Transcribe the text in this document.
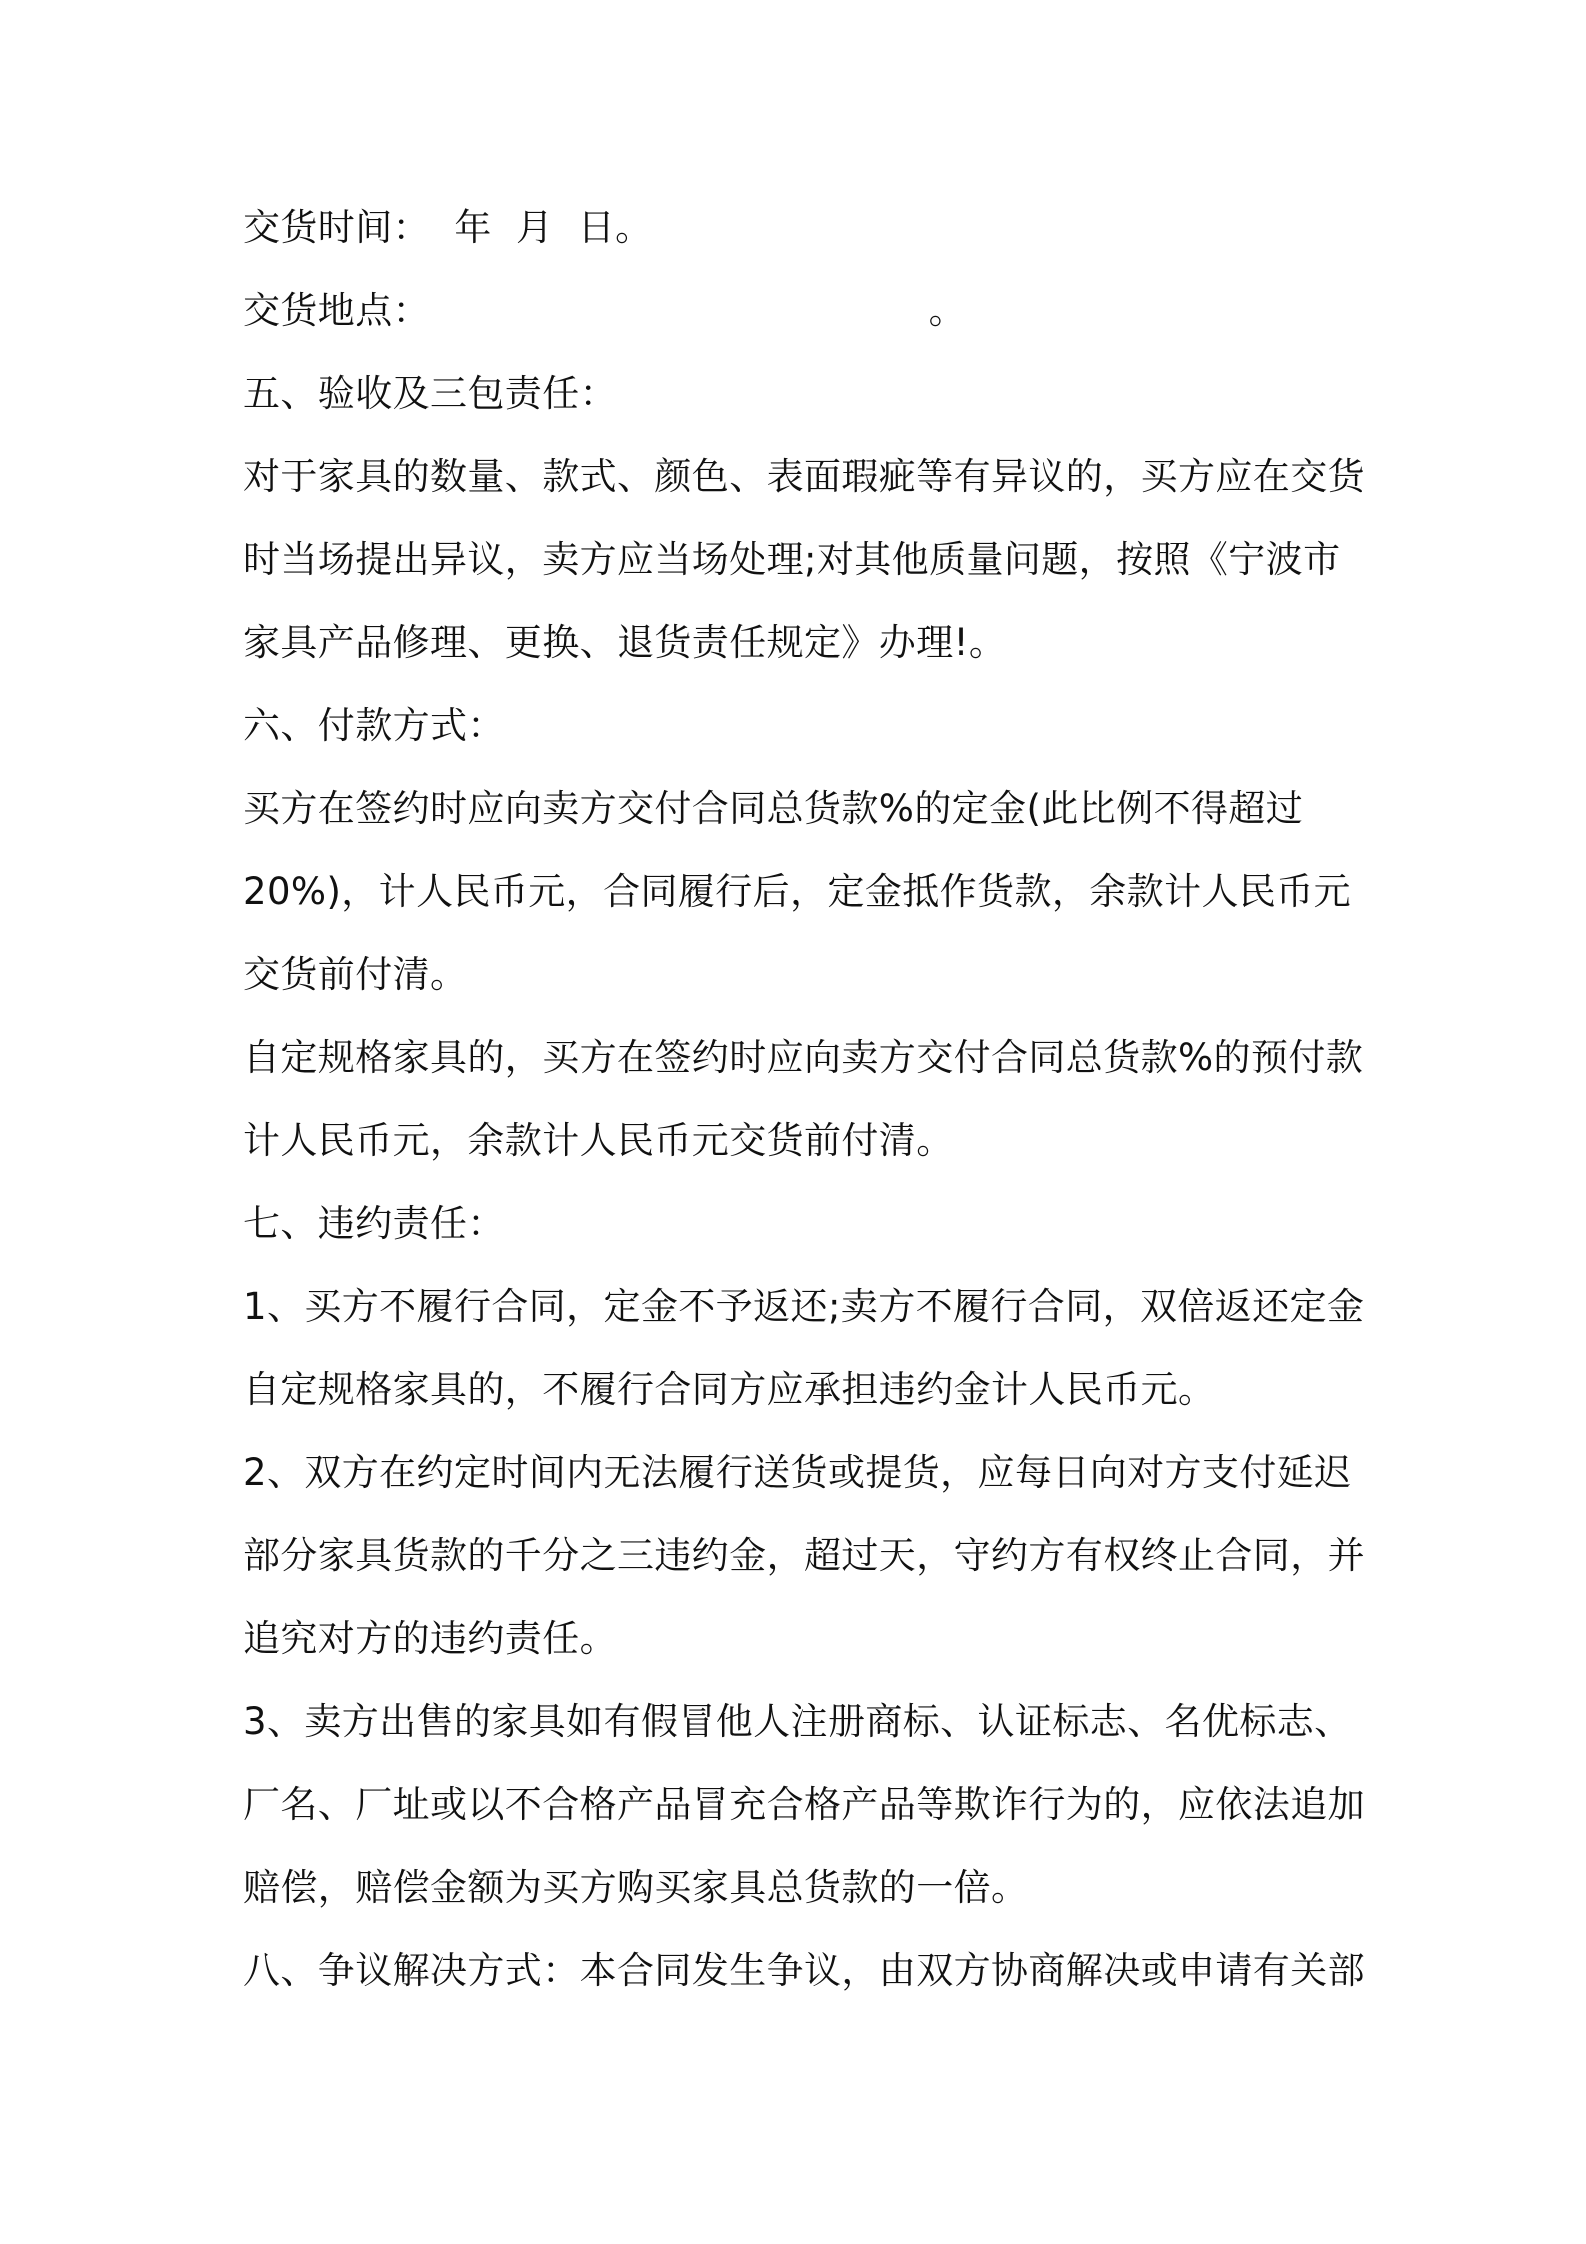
交货时间：  年  月  日。
交货地点：                                         。
五、验收及三包责任：
对于家具的数量、款式、颜色、表面瑕疵等有异议的，买方应在交货
时当场提出异议，卖方应当场处理;对其他质量问题，按照《宁波市
家具产品修理、更换、退货责任规定》办理!。
六、付款方式：
买方在签约时应向卖方交付合同总货款%的定金(此比例不得超过
20%)，计人民币元，合同履行后，定金抵作货款，余款计人民币元
交货前付清。
自定规格家具的，买方在签约时应向卖方交付合同总货款%的预付款
计人民币元，余款计人民币元交货前付清。
七、违约责任：
1、买方不履行合同，定金不予返还;卖方不履行合同，双倍返还定金
自定规格家具的，不履行合同方应承担违约金计人民币元。
2、双方在约定时间内无法履行送货或提货，应每日向对方支付延迟
部分家具货款的千分之三违约金，超过天，守约方有权终止合同，并
追究对方的违约责任。
3、卖方出售的家具如有假冒他人注册商标、认证标志、名优标志、
厂名、厂址或以不合格产品冒充合格产品等欺诈行为的，应依法追加
赔偿，赔偿金额为买方购买家具总货款的一倍。
八、争议解决方式：本合同发生争议，由双方协商解决或申请有关部
